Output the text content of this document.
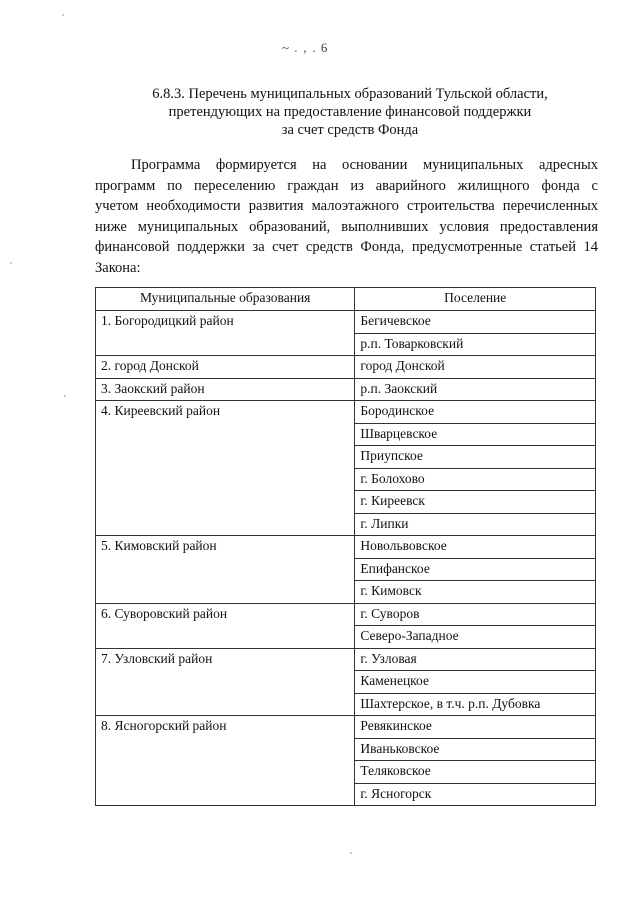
~ . ‚ . 6
6.8.3. Перечень муниципальных образований Тульской области,
претендующих на предоставление финансовой поддержки
за счет средств Фонда
Программа формируется на основании муниципальных адресных
программ по переселению граждан из аварийного жилищного фонда с
учетом необходимости развития малоэтажного строительства перечисленных
ниже муниципальных образований, выполнивших условия предоставления
финансовой поддержки за счет средств Фонда, предусмотренные статьей 14
Закона:
Муниципальные образования	Поселение
1. Богородицкий район	Бегичевское
	р.п. Товарковский
2. город Донской	город Донской
3. Заокский район	р.п. Заокский
4. Киреевский район	Бородинское
	Шварцевское
	Приупское
	г. Болохово
	г. Киреевск
	г. Липки
5. Кимовский район	Новольвовское
	Епифанское
	г. Кимовск
6. Суворовский район	г. Суворов
	Северо-Западное
7. Узловский район	г. Узловая
	Каменецкое
	Шахтерское, в т.ч. р.п. Дубовка
8. Ясногорский район	Ревякинское
	Иваньковское
	Теляковское
	г. Ясногорск
